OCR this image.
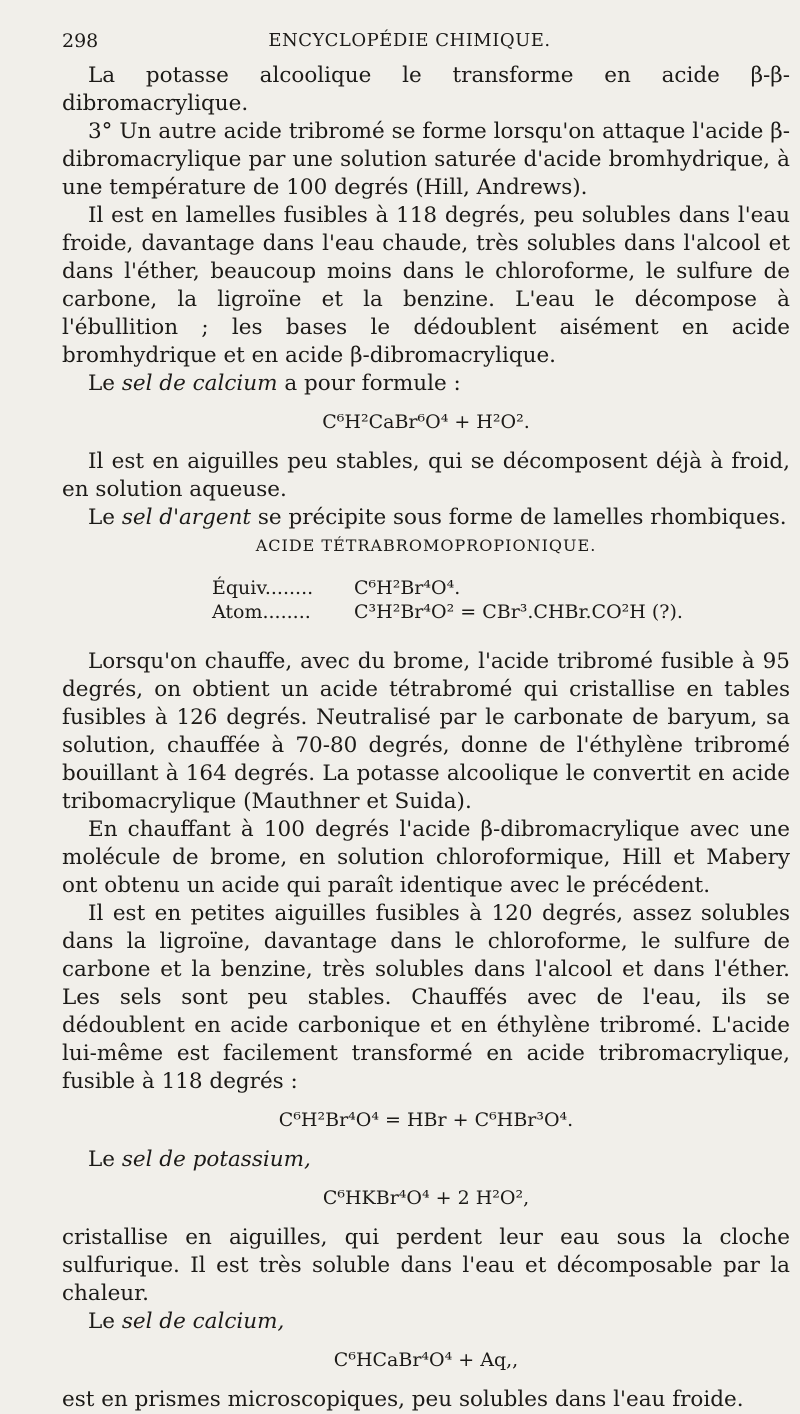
298	ENCYCLOPÉDIE CHIMIQUE.

La potasse alcoolique le transforme en acide β-β-dibromacrylique.

3° Un autre acide tribromé se forme lorsqu'on attaque l'acide β-dibromacrylique par une solution saturée d'acide bromhydrique, à une température de 100 degrés (Hill, Andrews).

Il est en lamelles fusibles à 118 degrés, peu solubles dans l'eau froide, davantage dans l'eau chaude, très solubles dans l'alcool et dans l'éther, beaucoup moins dans le chloroforme, le sulfure de carbone, la ligroïne et la benzine. L'eau le décompose à l'ébullition ; les bases le dédoublent aisément en acide bromhydrique et en acide β-dibromacrylique.

Le sel de calcium a pour formule :

C⁶H²CaBr⁶O⁴ + H²O².

Il est en aiguilles peu stables, qui se décomposent déjà à froid, en solution aqueuse.

Le sel d'argent se précipite sous forme de lamelles rhombiques.

ACIDE TÉTRABROMOPROPIONIQUE.
Équiv........ C⁶H²Br⁴O⁴.
Atom........ C³H²Br⁴O² = CBr³.CHBr.CO²H (?).

Lorsqu'on chauffe, avec du brome, l'acide tribromé fusible à 95 degrés, on obtient un acide tétrabromé qui cristallise en tables fusibles à 126 degrés. Neutralisé par le carbonate de baryum, sa solution, chauffée à 70-80 degrés, donne de l'éthylène tribromé bouillant à 164 degrés. La potasse alcoolique le convertit en acide tribomacrylique (Mauthner et Suida).

En chauffant à 100 degrés l'acide β-dibromacrylique avec une molécule de brome, en solution chloroformique, Hill et Mabery ont obtenu un acide qui paraît identique avec le précédent.

Il est en petites aiguilles fusibles à 120 degrés, assez solubles dans la ligroïne, davantage dans le chloroforme, le sulfure de carbone et la benzine, très solubles dans l'alcool et dans l'éther. Les sels sont peu stables. Chauffés avec de l'eau, ils se dédoublent en acide carbonique et en éthylène tribromé. L'acide lui-même est facilement transformé en acide tribromacrylique, fusible à 118 degrés :

C⁶H²Br⁴O⁴ = HBr + C⁶HBr³O⁴.

Le sel de potassium,

C⁶HKBr⁴O⁴ + 2 H²O²,

cristallise en aiguilles, qui perdent leur eau sous la cloche sulfurique. Il est très soluble dans l'eau et décomposable par la chaleur.

Le sel de calcium,

C⁶HCaBr⁴O⁴ + Aq,,

est en prismes microscopiques, peu solubles dans l'eau froide.
